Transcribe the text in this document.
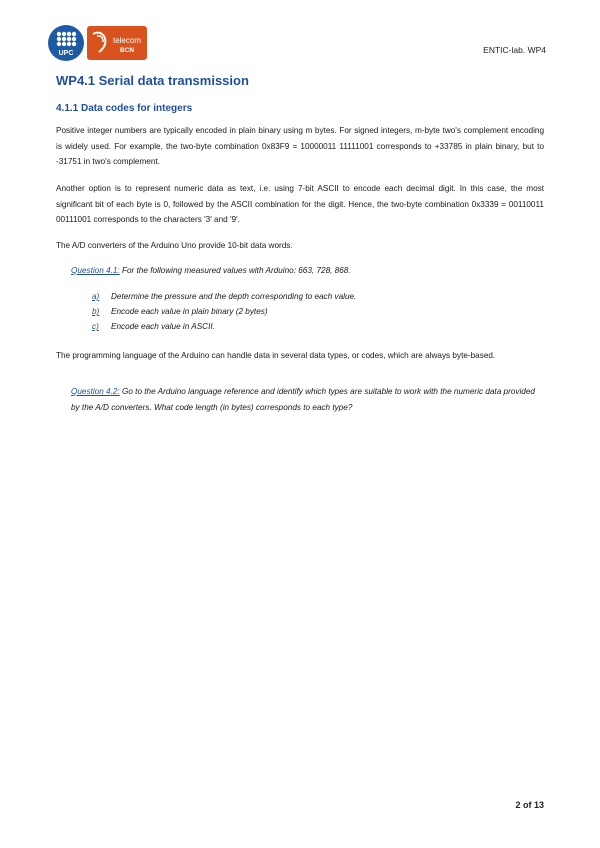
UPC
telecom
BCN	ENTIC-lab. WP4
WP4.1 Serial data transmission
4.1.1 Data codes for integers
Positive integer numbers are typically encoded in plain binary using m bytes. For signed integers, m-byte two's complement encoding is widely used. For example, the two-byte combination 0x83F9 = 10000011 11111001 corresponds to +33785 in plain binary, but to -31751 in two's complement.
Another option is to represent numeric data as text, i.e. using 7-bit ASCII to encode each decimal digit. In this case, the most significant bit of each byte is 0, followed by the ASCII combination for the digit. Hence, the two-byte combination 0x3339 = 00110011 00111001 corresponds to the characters '3' and '9'.
The A/D converters of the Arduino Uno provide 10-bit data words.
Question 4.1: For the following measured values with Arduino: 663, 728, 868.
a) Determine the pressure and the depth corresponding to each value.
b) Encode each value in plain binary (2 bytes)
c) Encode each value in ASCII.
The programming language of the Arduino can handle data in several data types, or codes, which are always byte-based.
Question 4.2: Go to the Arduino language reference and identify which types are suitable to work with the numeric data provided by the A/D converters. What code length (in bytes) corresponds to each type?
2 of 13
